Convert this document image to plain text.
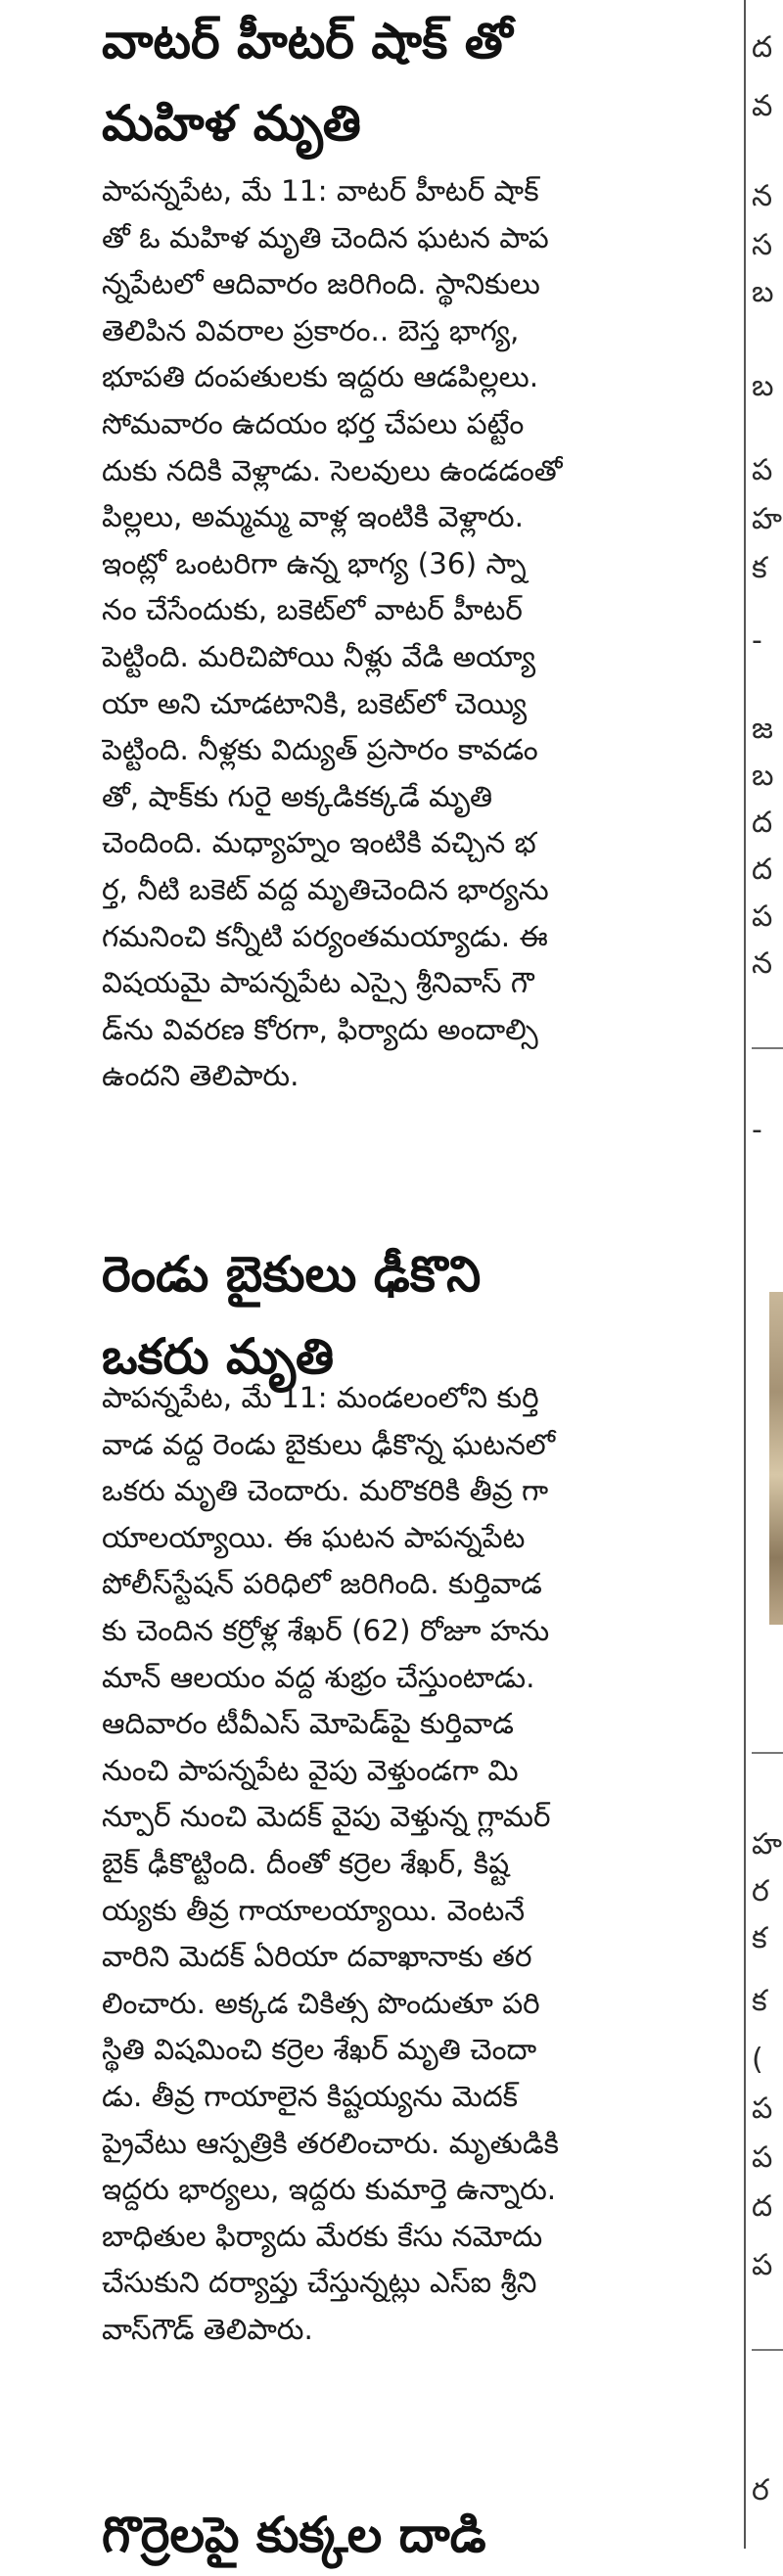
వాటర్ హీటర్ షాక్ తో

మహిళ మృతి

పాపన్నపేట, మే 11: వాటర్ హీటర్ షాక్
తో ఓ మహిళ మృతి చెందిన ఘటన పాప
న్నపేటలో ఆదివారం జరిగింది. స్థానికులు
తెలిపిన వివరాల ప్రకారం.. బెస్త భాగ్య,
భూపతి దంపతులకు ఇద్దరు ఆడపిల్లలు.
సోమవారం ఉదయం భర్త చేపలు పట్టేం
దుకు నదికి వెళ్లాడు. సెలవులు ఉండడంతో
పిల్లలు, అమ్మమ్మ వాళ్ల ఇంటికి వెళ్లారు.
ఇంట్లో ఒంటరిగా ఉన్న భాగ్య (36) స్నా
నం చేసేందుకు, బకెట్‌లో వాటర్ హీటర్
పెట్టింది. మరిచిపోయి నీళ్లు వేడి అయ్యా
యా అని చూడటానికి, బకెట్‌లో చెయ్యి
పెట్టింది. నీళ్లకు విద్యుత్ ప్రసారం కావడం
తో, షాక్‌కు గురై అక్కడికక్కడే మృతి
చెందింది. మధ్యాహ్నం ఇంటికి వచ్చిన భ
ర్త, నీటి బకెట్ వద్ద మృతిచెందిన భార్యను
గమనించి కన్నీటి పర్యంతమయ్యాడు. ఈ
విషయమై పాపన్నపేట ఎస్సై శ్రీనివాస్ గౌ
డ్‌ను వివరణ కోరగా, ఫిర్యాదు అందాల్సి
ఉందని తెలిపారు.

రెండు బైకులు ఢీకొని

ఒకరు మృతి

పాపన్నపేట, మే 11: మండలంలోని కుర్తి
వాడ వద్ద రెండు బైకులు ఢీకొన్న ఘటనలో
ఒకరు మృతి చెందారు. మరొకరికి తీవ్ర గా
యాలయ్యాయి. ఈ ఘటన పాపన్నపేట
పోలీస్‌స్టేషన్ పరిధిలో జరిగింది. కుర్తివాడ
కు చెందిన కర్రోళ్ల శేఖర్ (62) రోజూ హను
మాన్ ఆలయం వద్ద శుభ్రం చేస్తుంటాడు.
ఆదివారం టీవీఎస్ మోపెడ్‌పై కుర్తివాడ
నుంచి పాపన్నపేట వైపు వెళ్తుండగా మి
న్పూర్ నుంచి మెదక్ వైపు వెళ్తున్న గ్లామర్
బైక్ ఢీకొట్టింది. దీంతో కర్రెల శేఖర్, కిష్ట
య్యకు తీవ్ర గాయాలయ్యాయి. వెంటనే
వారిని మెదక్ ఏరియా దవాఖానాకు తర
లించారు. అక్కడ చికిత్స పొందుతూ పరి
స్థితి విషమించి కర్రెల శేఖర్ మృతి చెందా
డు. తీవ్ర గాయాలైన కిష్టయ్యను మెదక్
ప్రైవేటు ఆస్పత్రికి తరలించారు. మృతుడికి
ఇద్దరు భార్యలు, ఇద్దరు కుమార్తె ఉన్నారు.
బాధితుల ఫిర్యాదు మేరకు కేసు నమోదు
చేసుకుని దర్యాప్తు చేస్తున్నట్లు ఎస్ఐ శ్రీని
వాస్‌గౌడ్ తెలిపారు.

గొర్రెలపై కుక్కల దాడి

ద
వ
న
స
బ
బ
ప
హ
క
-
జ
బ
ద
ద
ప
న
-
హ
ర
క
క
(
ప
ప
ద
ప
ర
